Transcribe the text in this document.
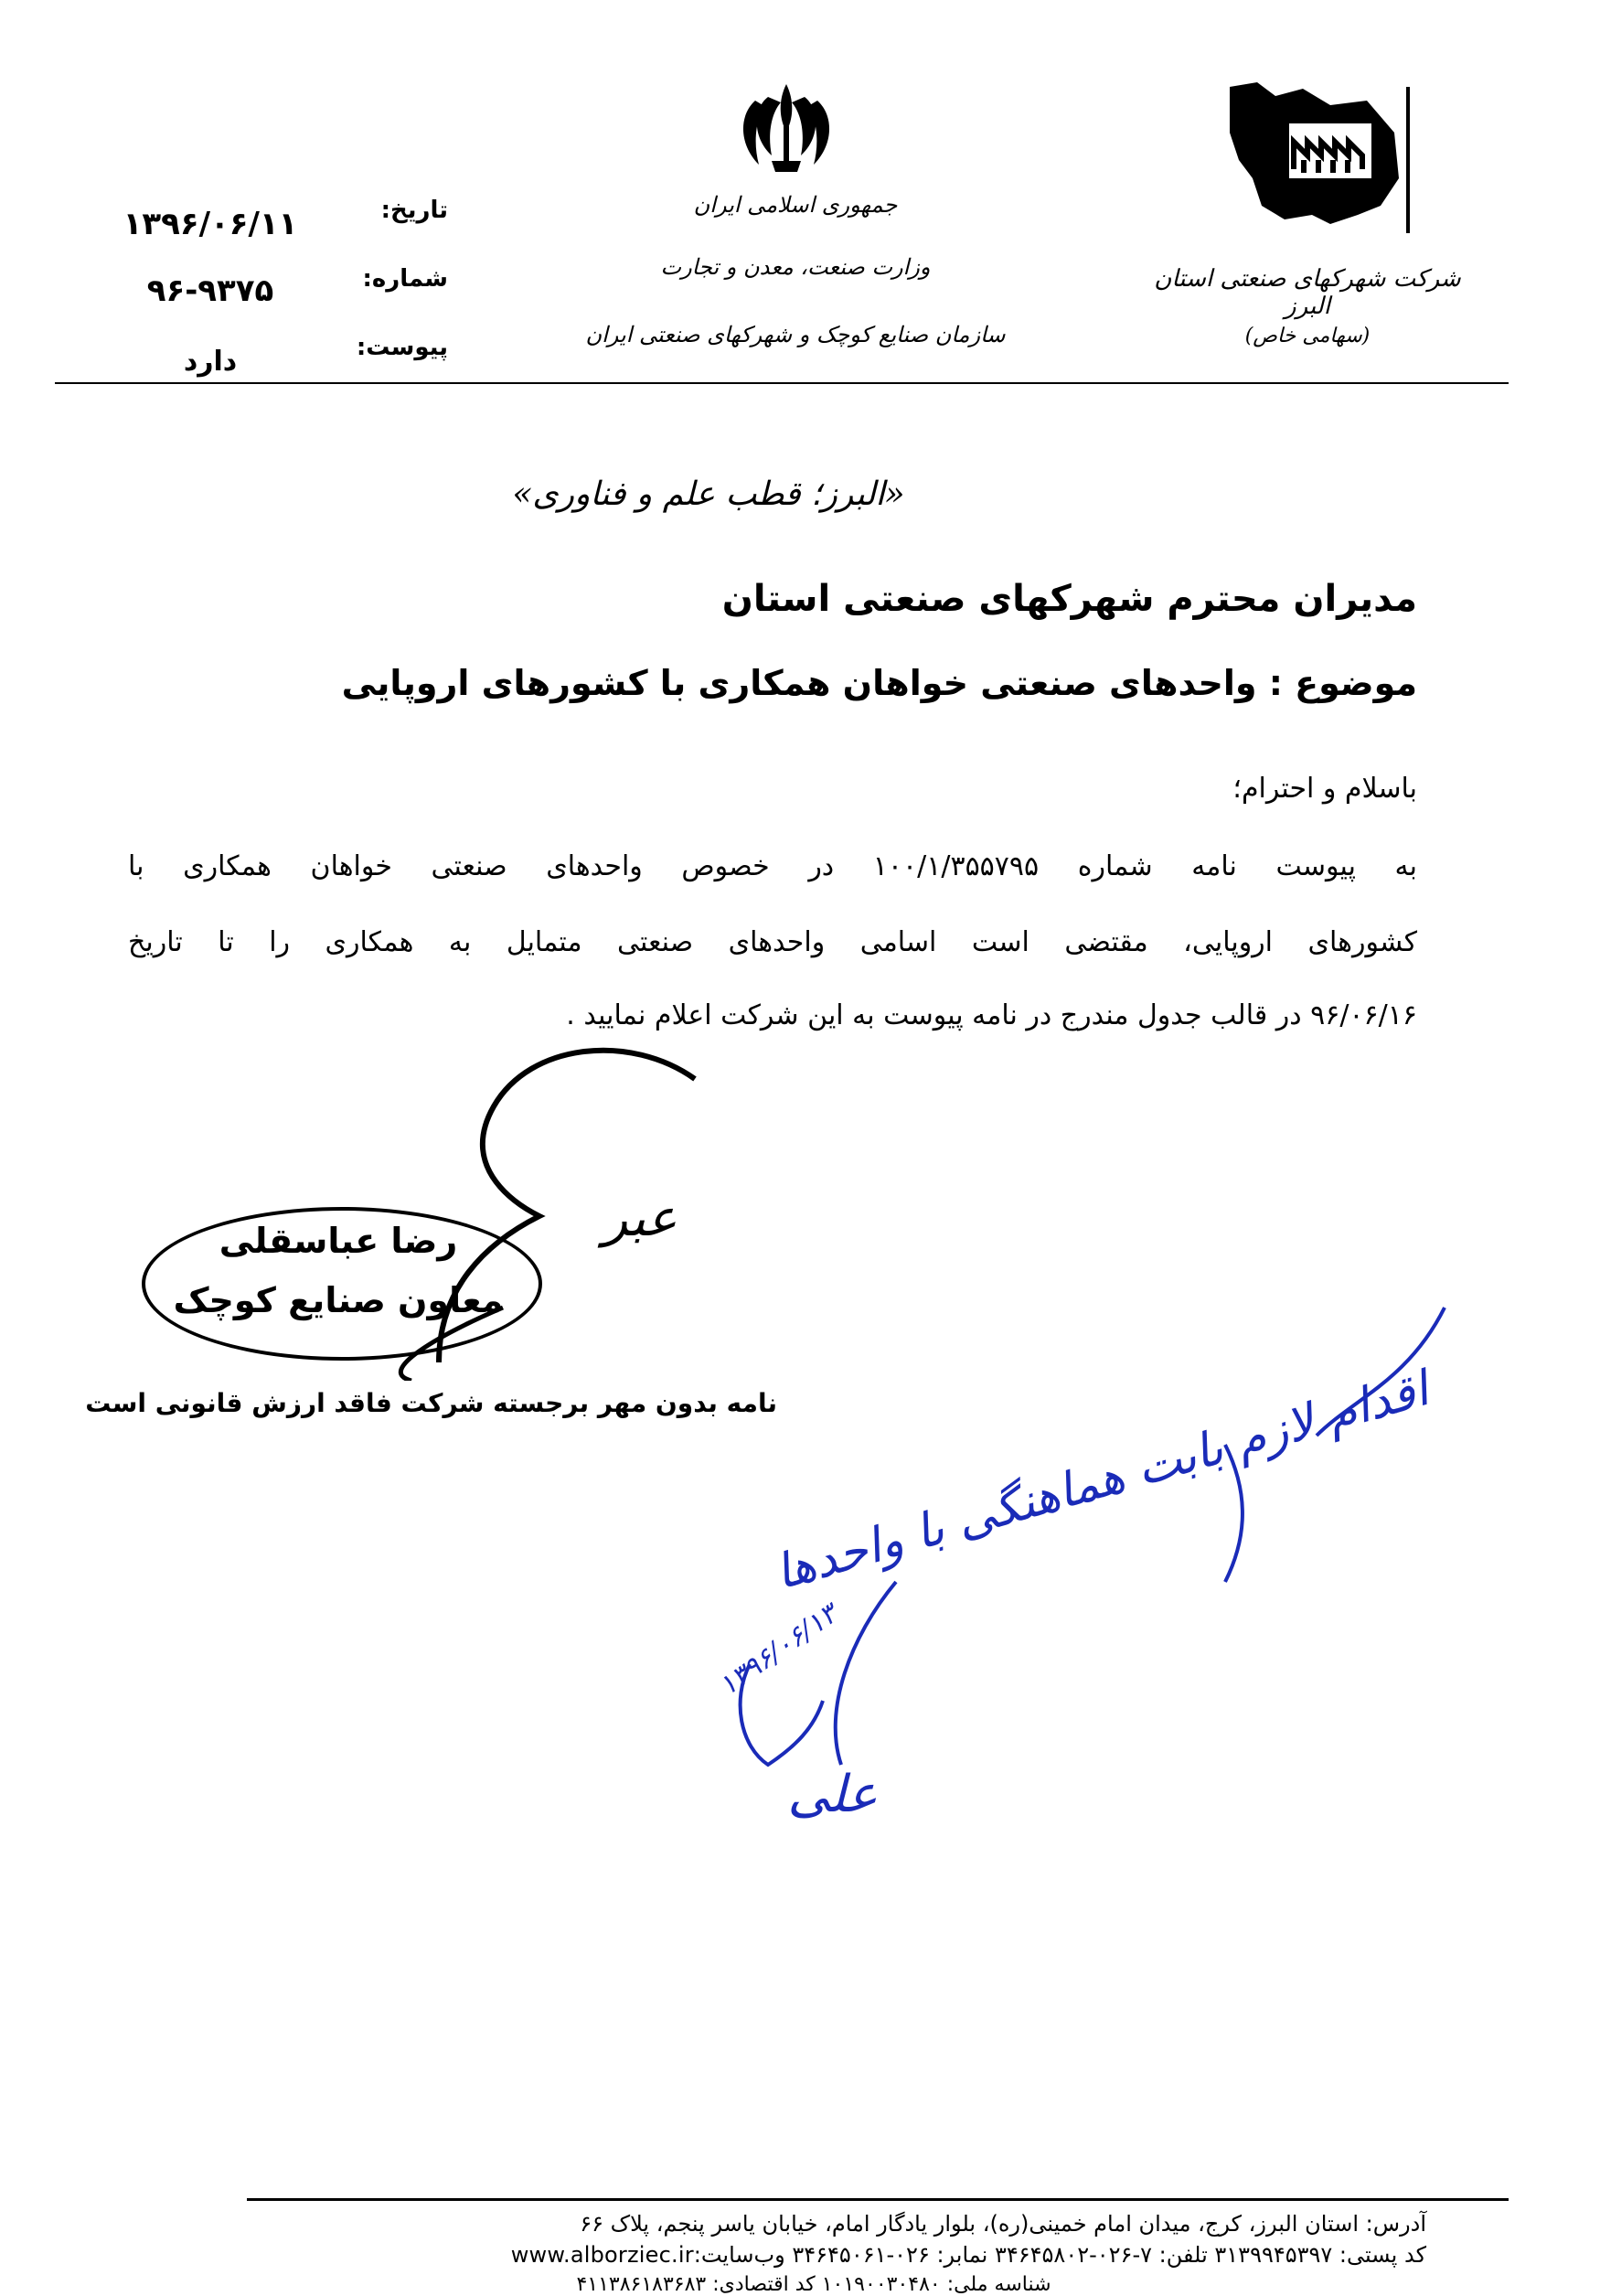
جمهوری اسلامی ایران
وزارت صنعت، معدن و تجارت
سازمان صنایع کوچک و شهرکهای صنعتی ایران
شرکت شهرکهای صنعتی استان البرز
(سهامی خاص)
تاریخ:
۱۳۹۶/۰۶/۱۱
شماره:
۹۶-۹۳۷۵
پیوست:
دارد
«البرز؛ قطب علم و فناوری»
مدیران محترم شهرکهای صنعتی استان
موضوع : واحدهای صنعتی خواهان همکاری با کشورهای اروپایی
باسلام و احترام؛
به پیوست نامه شماره ۱۰۰/۱/۳۵۵۷۹۵ در خصوص واحدهای صنعتی خواهان همکاری با
کشورهای اروپایی، مقتضی است اسامی واحدهای صنعتی متمایل به همکاری را تا تاریخ
۹۶/۰۶/۱۶ در قالب جدول مندرج در نامه پیوست به این شرکت اعلام نمایید .
رضا عباسقلی
معاون صنایع کوچک
عبر
نامه بدون مهر برجسته شرکت فاقد ارزش قانونی است
اقدام لازم بابت هماهنگی با واحدها
۱۳۹۶/۰۶/۱۳
علی
آدرس: استان البرز، کرج، میدان امام خمینی(ره)، بلوار یادگار امام، خیابان یاسر پنجم، پلاک ۶۶
کد پستی: ۳۱۳۹۹۴۵۳۹۷ تلفن: ۷-۰۲۶-۳۴۶۴۵۸۰۲ نمابر: ۰۲۶-۳۴۶۴۵۰۶۱ وب‌سایت:www.alborziec.ir
شناسه ملی: ۱۰۱۹۰۰۳۰۴۸۰ کد اقتصادی: ۴۱۱۳۸۶۱۸۳۶۸۳
